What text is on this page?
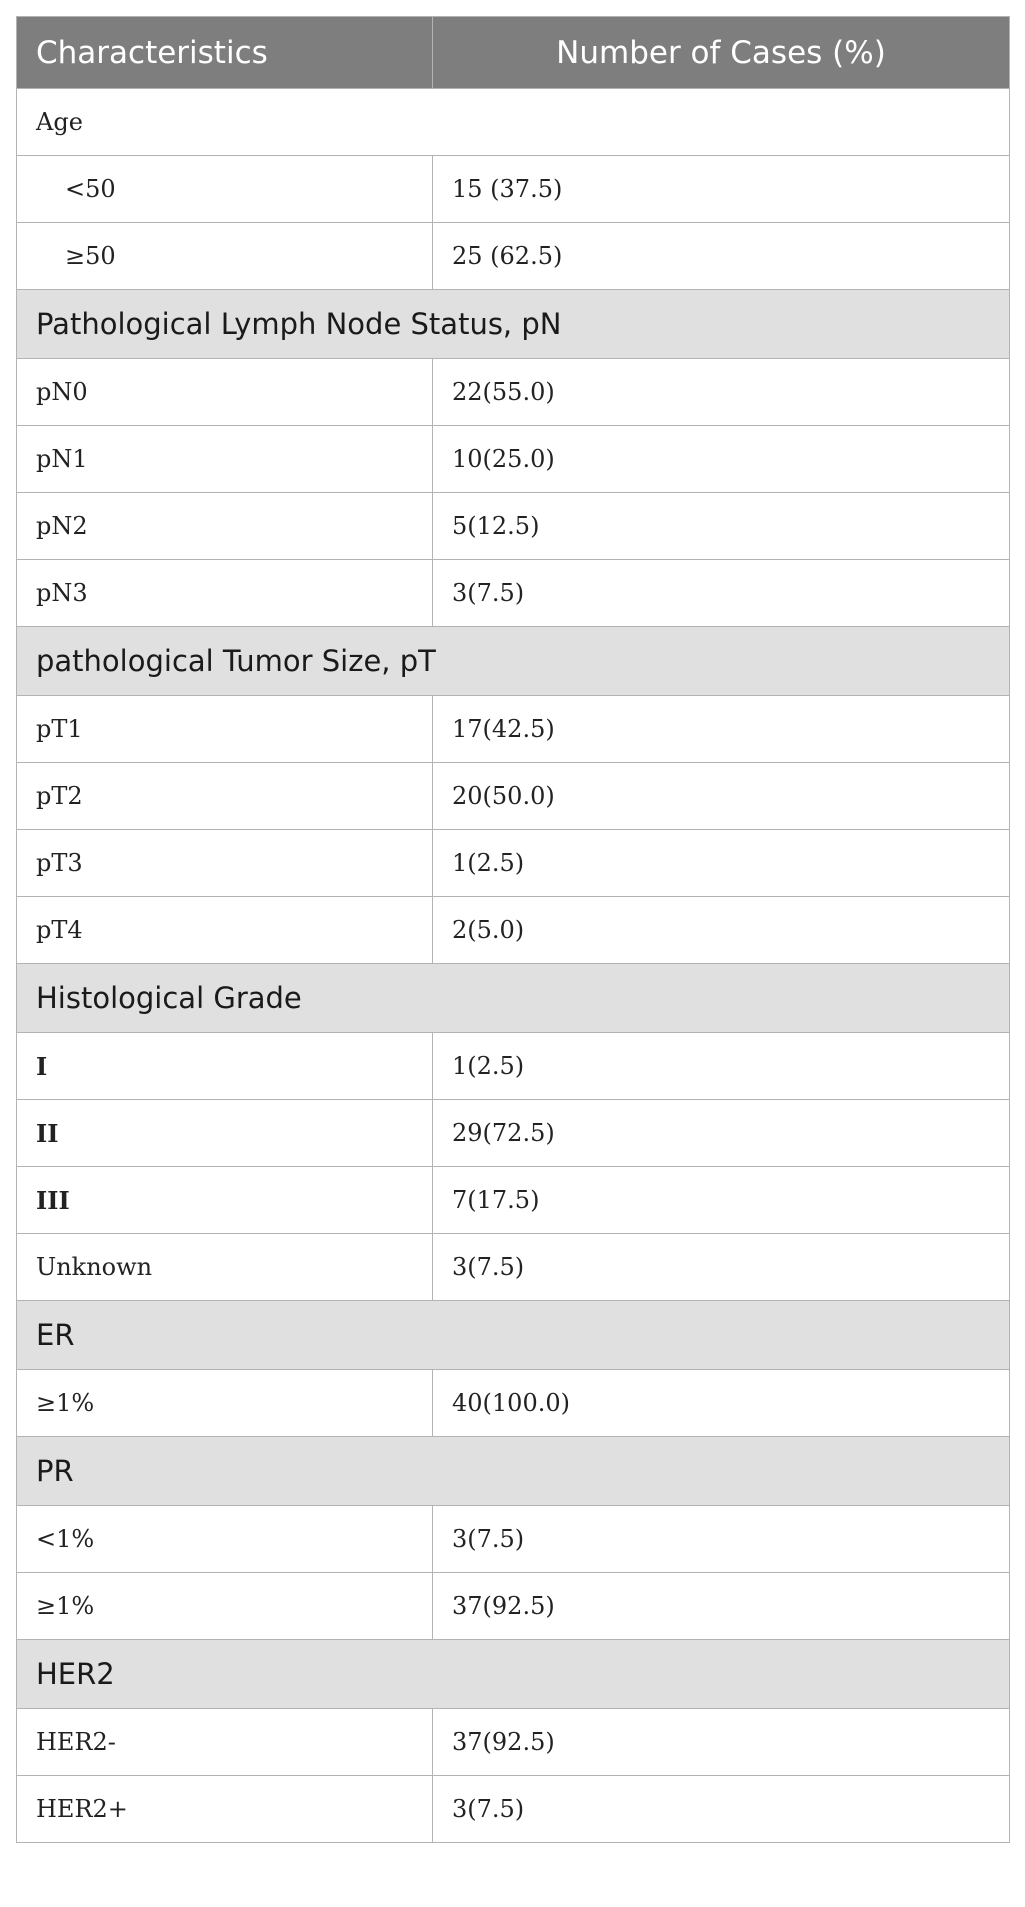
Characteristics	Number of Cases (%)
Age	
<50	15 (37.5)
≥50	25 (62.5)
Pathological Lymph Node Status, pN	
pN0	22(55.0)
pN1	10(25.0)
pN2	5(12.5)
pN3	3(7.5)
pathological Tumor Size, pT	
pT1	17(42.5)
pT2	20(50.0)
pT3	1(2.5)
pT4	2(5.0)
Histological Grade	
I	1(2.5)
II	29(72.5)
III	7(17.5)
Unknown	3(7.5)
ER	
≥1%	40(100.0)
PR	
<1%	3(7.5)
≥1%	37(92.5)
HER2	
HER2-	37(92.5)
HER2+	3(7.5)
